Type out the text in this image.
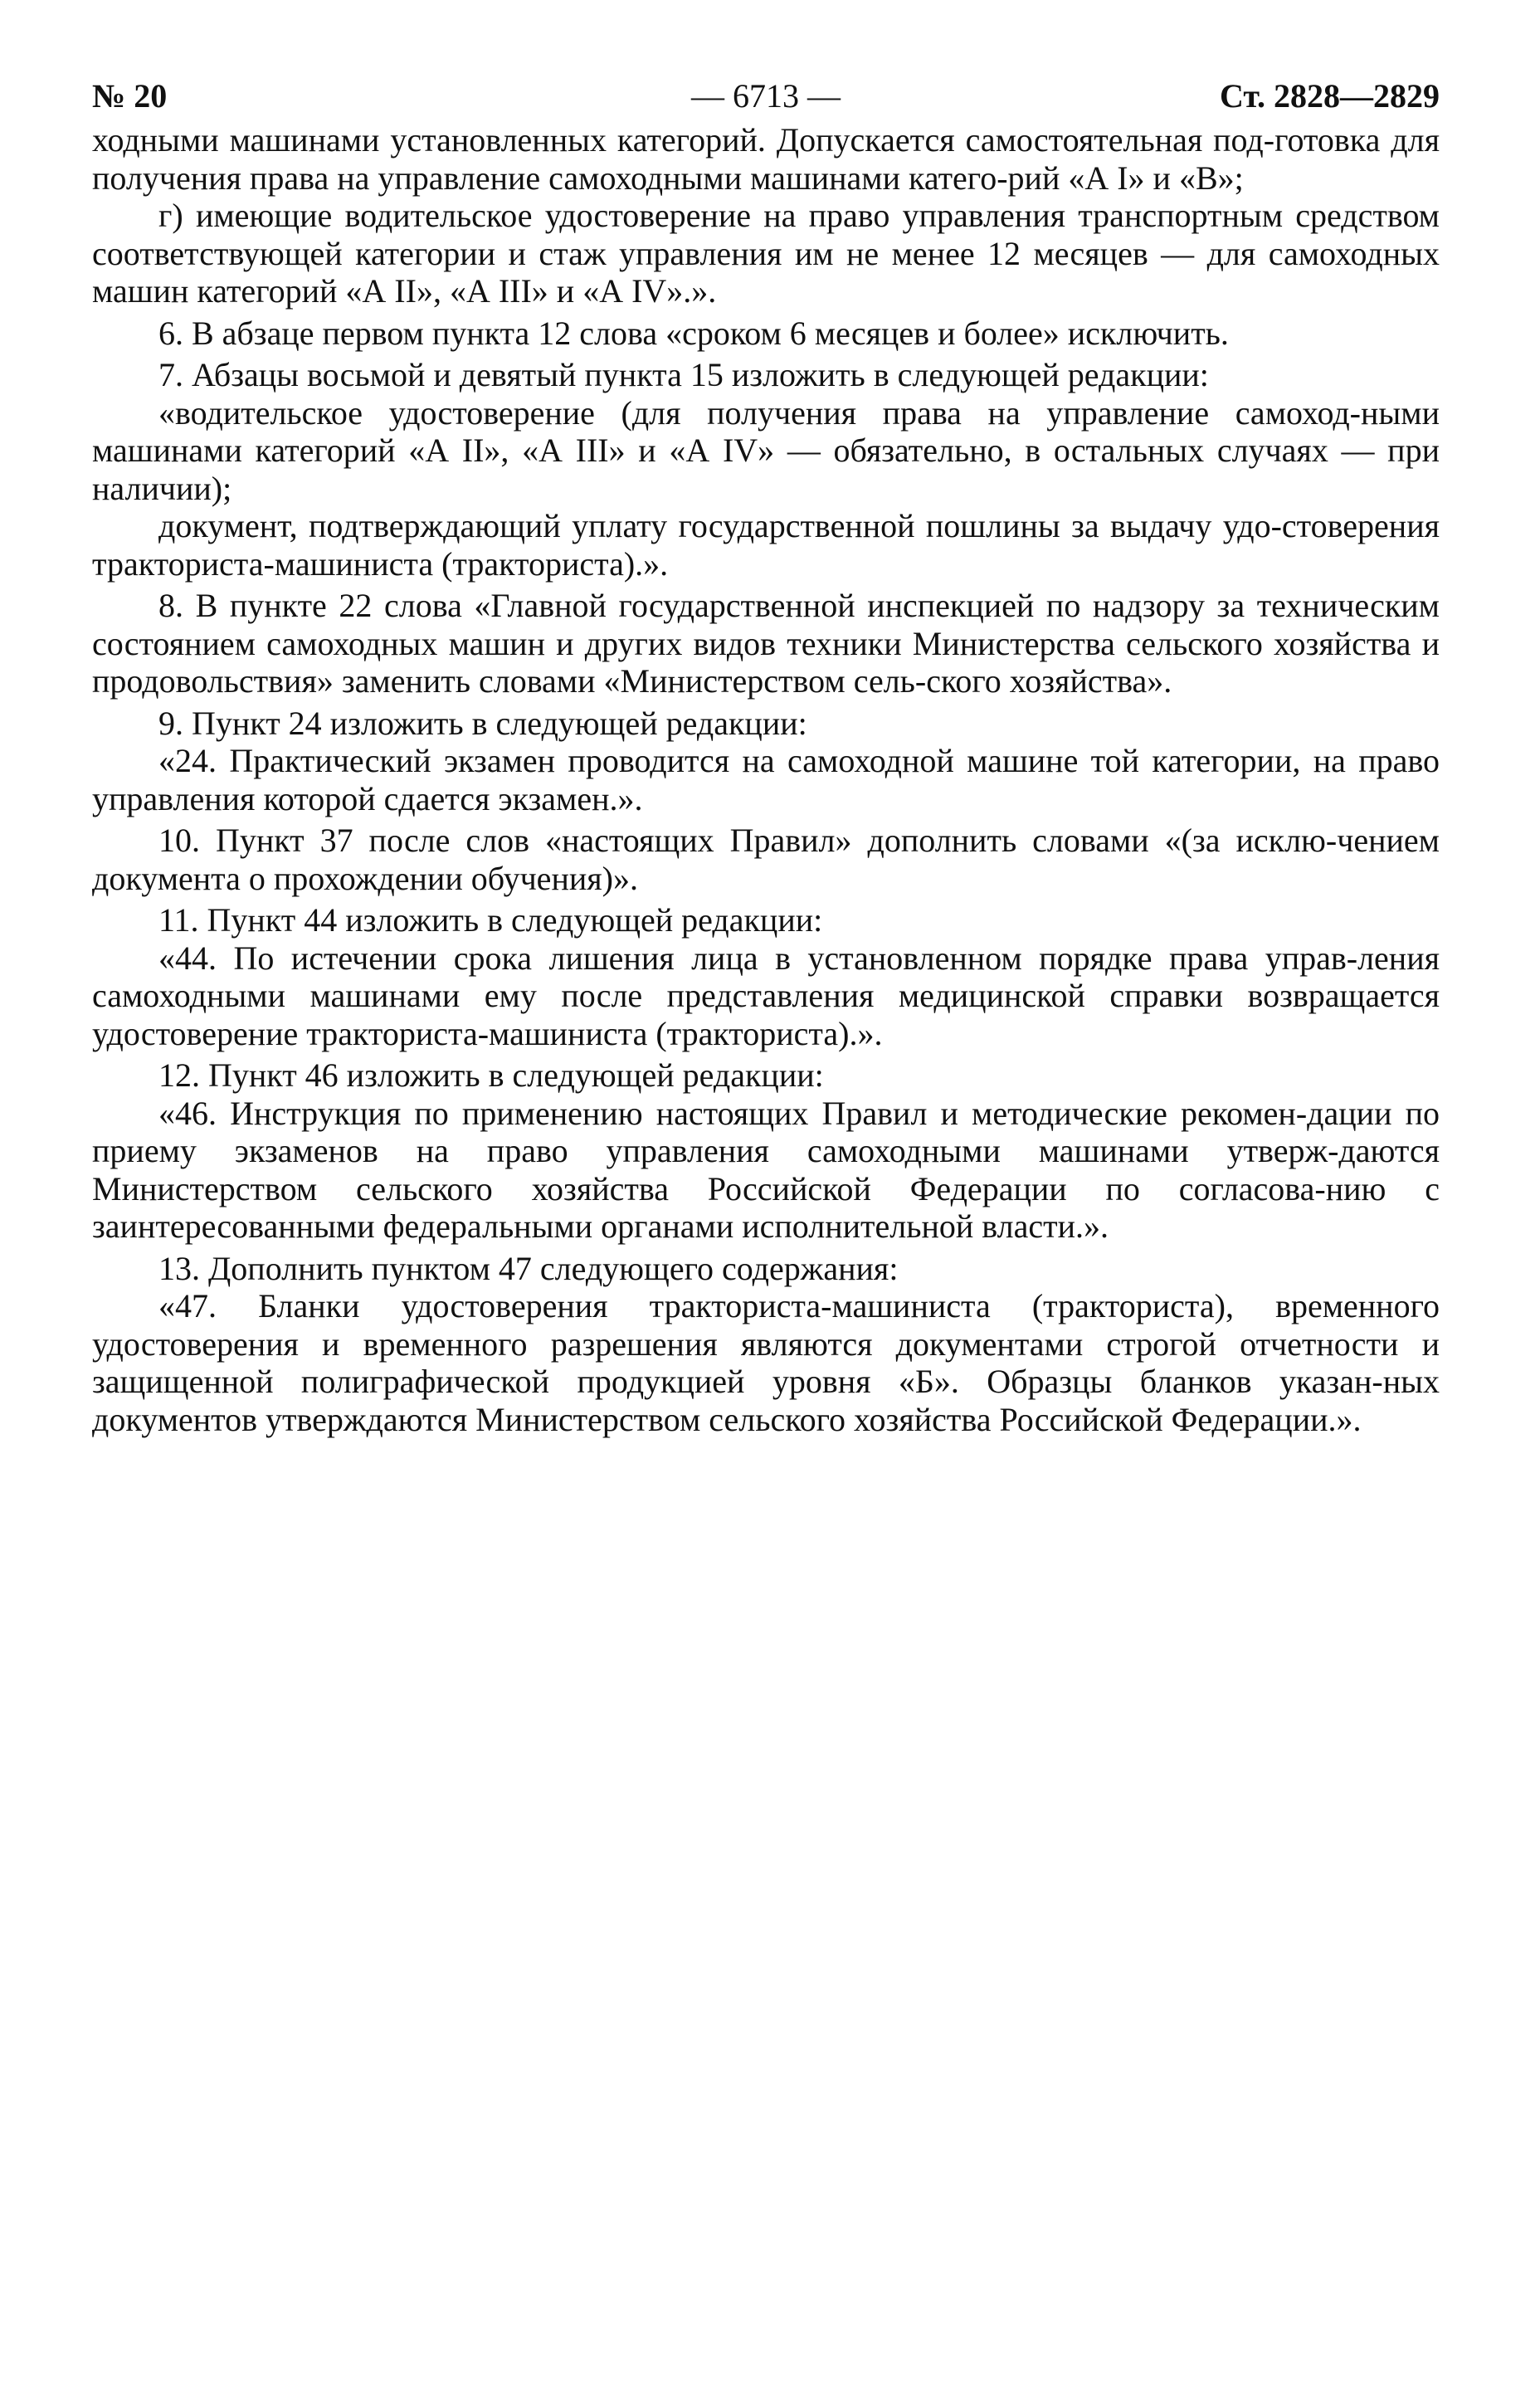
№ 20	— 6713 —	Ст. 2828—2829

ходными машинами установленных категорий. Допускается самостоятельная под-готовка для получения права на управление самоходными машинами катего-рий «А I» и «В»;

г) имеющие водительское удостоверение на право управления транспортным средством соответствующей категории и стаж управления им не менее 12 месяцев — для самоходных машин категорий «А II», «А III» и «А IV».».

6. В абзаце первом пункта 12 слова «сроком 6 месяцев и более» исключить.

7. Абзацы восьмой и девятый пункта 15 изложить в следующей редакции:

«водительское удостоверение (для получения права на управление самоход-ными машинами категорий «А II», «А III» и «А IV» — обязательно, в остальных случаях — при наличии);

документ, подтверждающий уплату государственной пошлины за выдачу удо-стоверения тракториста-машиниста (тракториста).».

8. В пункте 22 слова «Главной государственной инспекцией по надзору за техническим состоянием самоходных машин и других видов техники Министерства сельского хозяйства и продовольствия» заменить словами «Министерством сель-ского хозяйства».

9. Пункт 24 изложить в следующей редакции:

«24. Практический экзамен проводится на самоходной машине той категории, на право управления которой сдается экзамен.».

10. Пункт 37 после слов «настоящих Правил» дополнить словами «(за исклю-чением документа о прохождении обучения)».

11. Пункт 44 изложить в следующей редакции:

«44. По истечении срока лишения лица в установленном порядке права управ-ления самоходными машинами ему после представления медицинской справки возвращается удостоверение тракториста-машиниста (тракториста).».

12. Пункт 46 изложить в следующей редакции:

«46. Инструкция по применению настоящих Правил и методические рекомен-дации по приему экзаменов на право управления самоходными машинами утверж-даются Министерством сельского хозяйства Российской Федерации по согласова-нию с заинтересованными федеральными органами исполнительной власти.».

13. Дополнить пунктом 47 следующего содержания:

«47. Бланки удостоверения тракториста-машиниста (тракториста), временного удостоверения и временного разрешения являются документами строгой отчетности и защищенной полиграфической продукцией уровня «Б». Образцы бланков указан-ных документов утверждаются Министерством сельского хозяйства Российской Федерации.».
